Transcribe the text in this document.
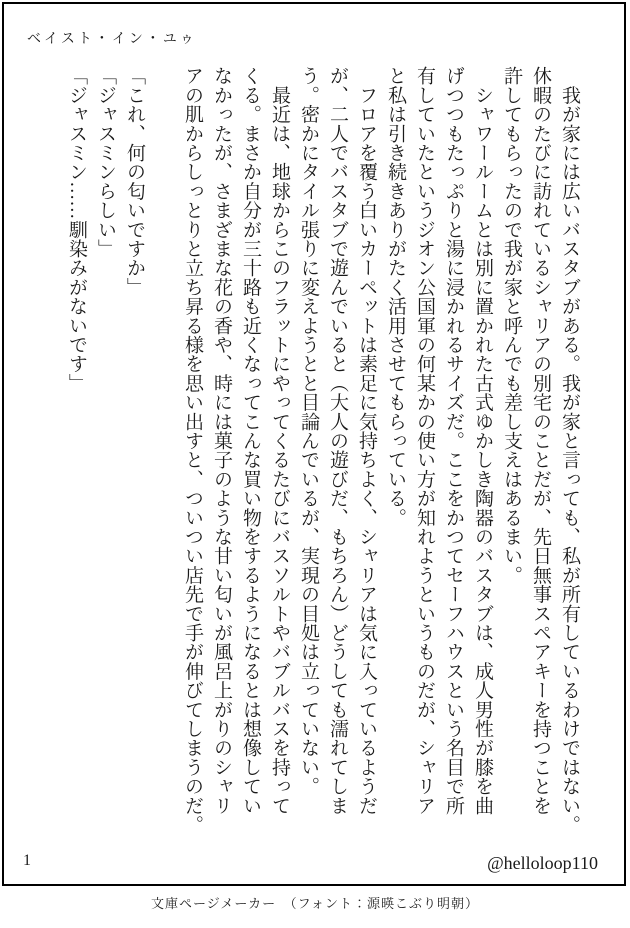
ベイスト・イン・ユゥ
　我が家には広いバスタブがある。我が家と言っても、私が所有しているわけではない。
休暇のたびに訪れているシャリアの別宅のことだが、先日無事スペアキーを持つことを
許してもらったので我が家と呼んでも差し支えはあるまい。
　シャワールームとは別に置かれた古式ゆかしき陶器のバスタブは、成人男性が膝を曲
げつつもたっぷりと湯に浸かれるサイズだ。ここをかつてセーフハウスという名目で所
有していたというジオン公国軍の何某かの使い方が知れようというものだが、シャリア
と私は引き続きありがたく活用させてもらっている。
　フロアを覆う白いカーペットは素足に気持ちよく、シャリアは気に入っているようだ
が、二人でバスタブで遊んでいると（大人の遊びだ、もちろん）どうしても濡れてしま
う。密かにタイル張りに変えようとと目論んでいるが、実現の目処は立っていない。
　最近は、地球からこのフラットにやってくるたびにバスソルトやバブルバスを持って
くる。まさか自分が三十路も近くなってこんな買い物をするようになるとは想像してい
なかったが、さまざまな花の香や、時には菓子のような甘い匂いが風呂上がりのシャリ
アの肌からしっとりと立ち昇る様を思い出すと、ついつい店先で手が伸びてしまうのだ。

「これ、何の匂いですか」
「ジャスミンらしい」
「ジャスミン……馴染みがないです」
1	@helloloop110
文庫ページメーカー　（フォント：源暎こぶり明朝）
